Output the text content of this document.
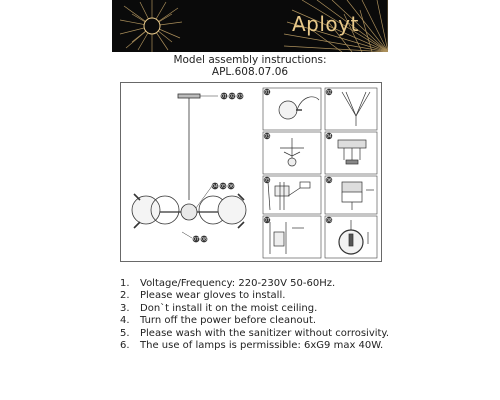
Aployt
Model assembly instructions:
APL.608.07.06
01 02 03
04 05 06
07 08
01	02
03	04
05	06
07	08
1. Voltage/Frequency: 220-230V 50-60Hz.
2. Please wear gloves to install.
3. Don`t install it on the moist ceiling.
4. Turn off the power before cleanout.
5. Please wash with the sanitizer without corrosivity.
6. The use of lamps is permissible: 6xG9 max 40W.
